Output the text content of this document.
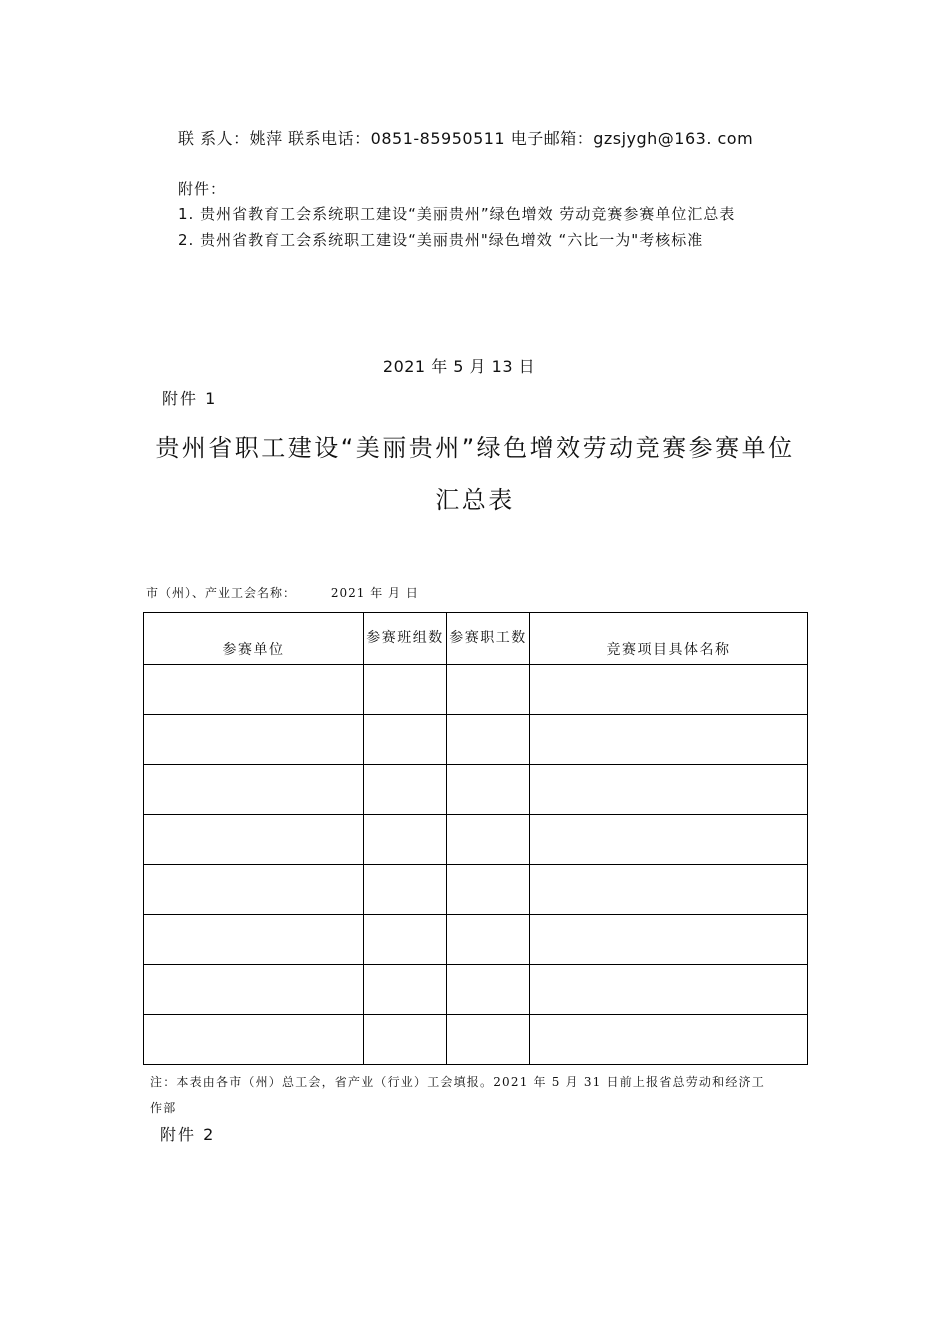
联 系人：姚萍 联系电话：0851-85950511 电子邮箱：gzsjygh@163. com
附件：
1. 贵州省教育工会系统职工建设“美丽贵州”绿色增效 劳动竞赛参赛单位汇总表
2. 贵州省教育工会系统职工建设“美丽贵州"绿色增效 “六比一为"考核标准
2021 年 5 月 13 日
附件 1
贵州省职工建设“美丽贵州”绿色增效劳动竞赛参赛单位
汇总表
市（州）、产业工会名称：	2021 年 月 日
参赛单位	参赛班组数	参赛职工数	竞赛项目具体名称

注：本表由各市（州）总工会，省产业（行业）工会填报。2021 年 5 月 31 日前上报省总劳动和经济工
作部
附件 2
